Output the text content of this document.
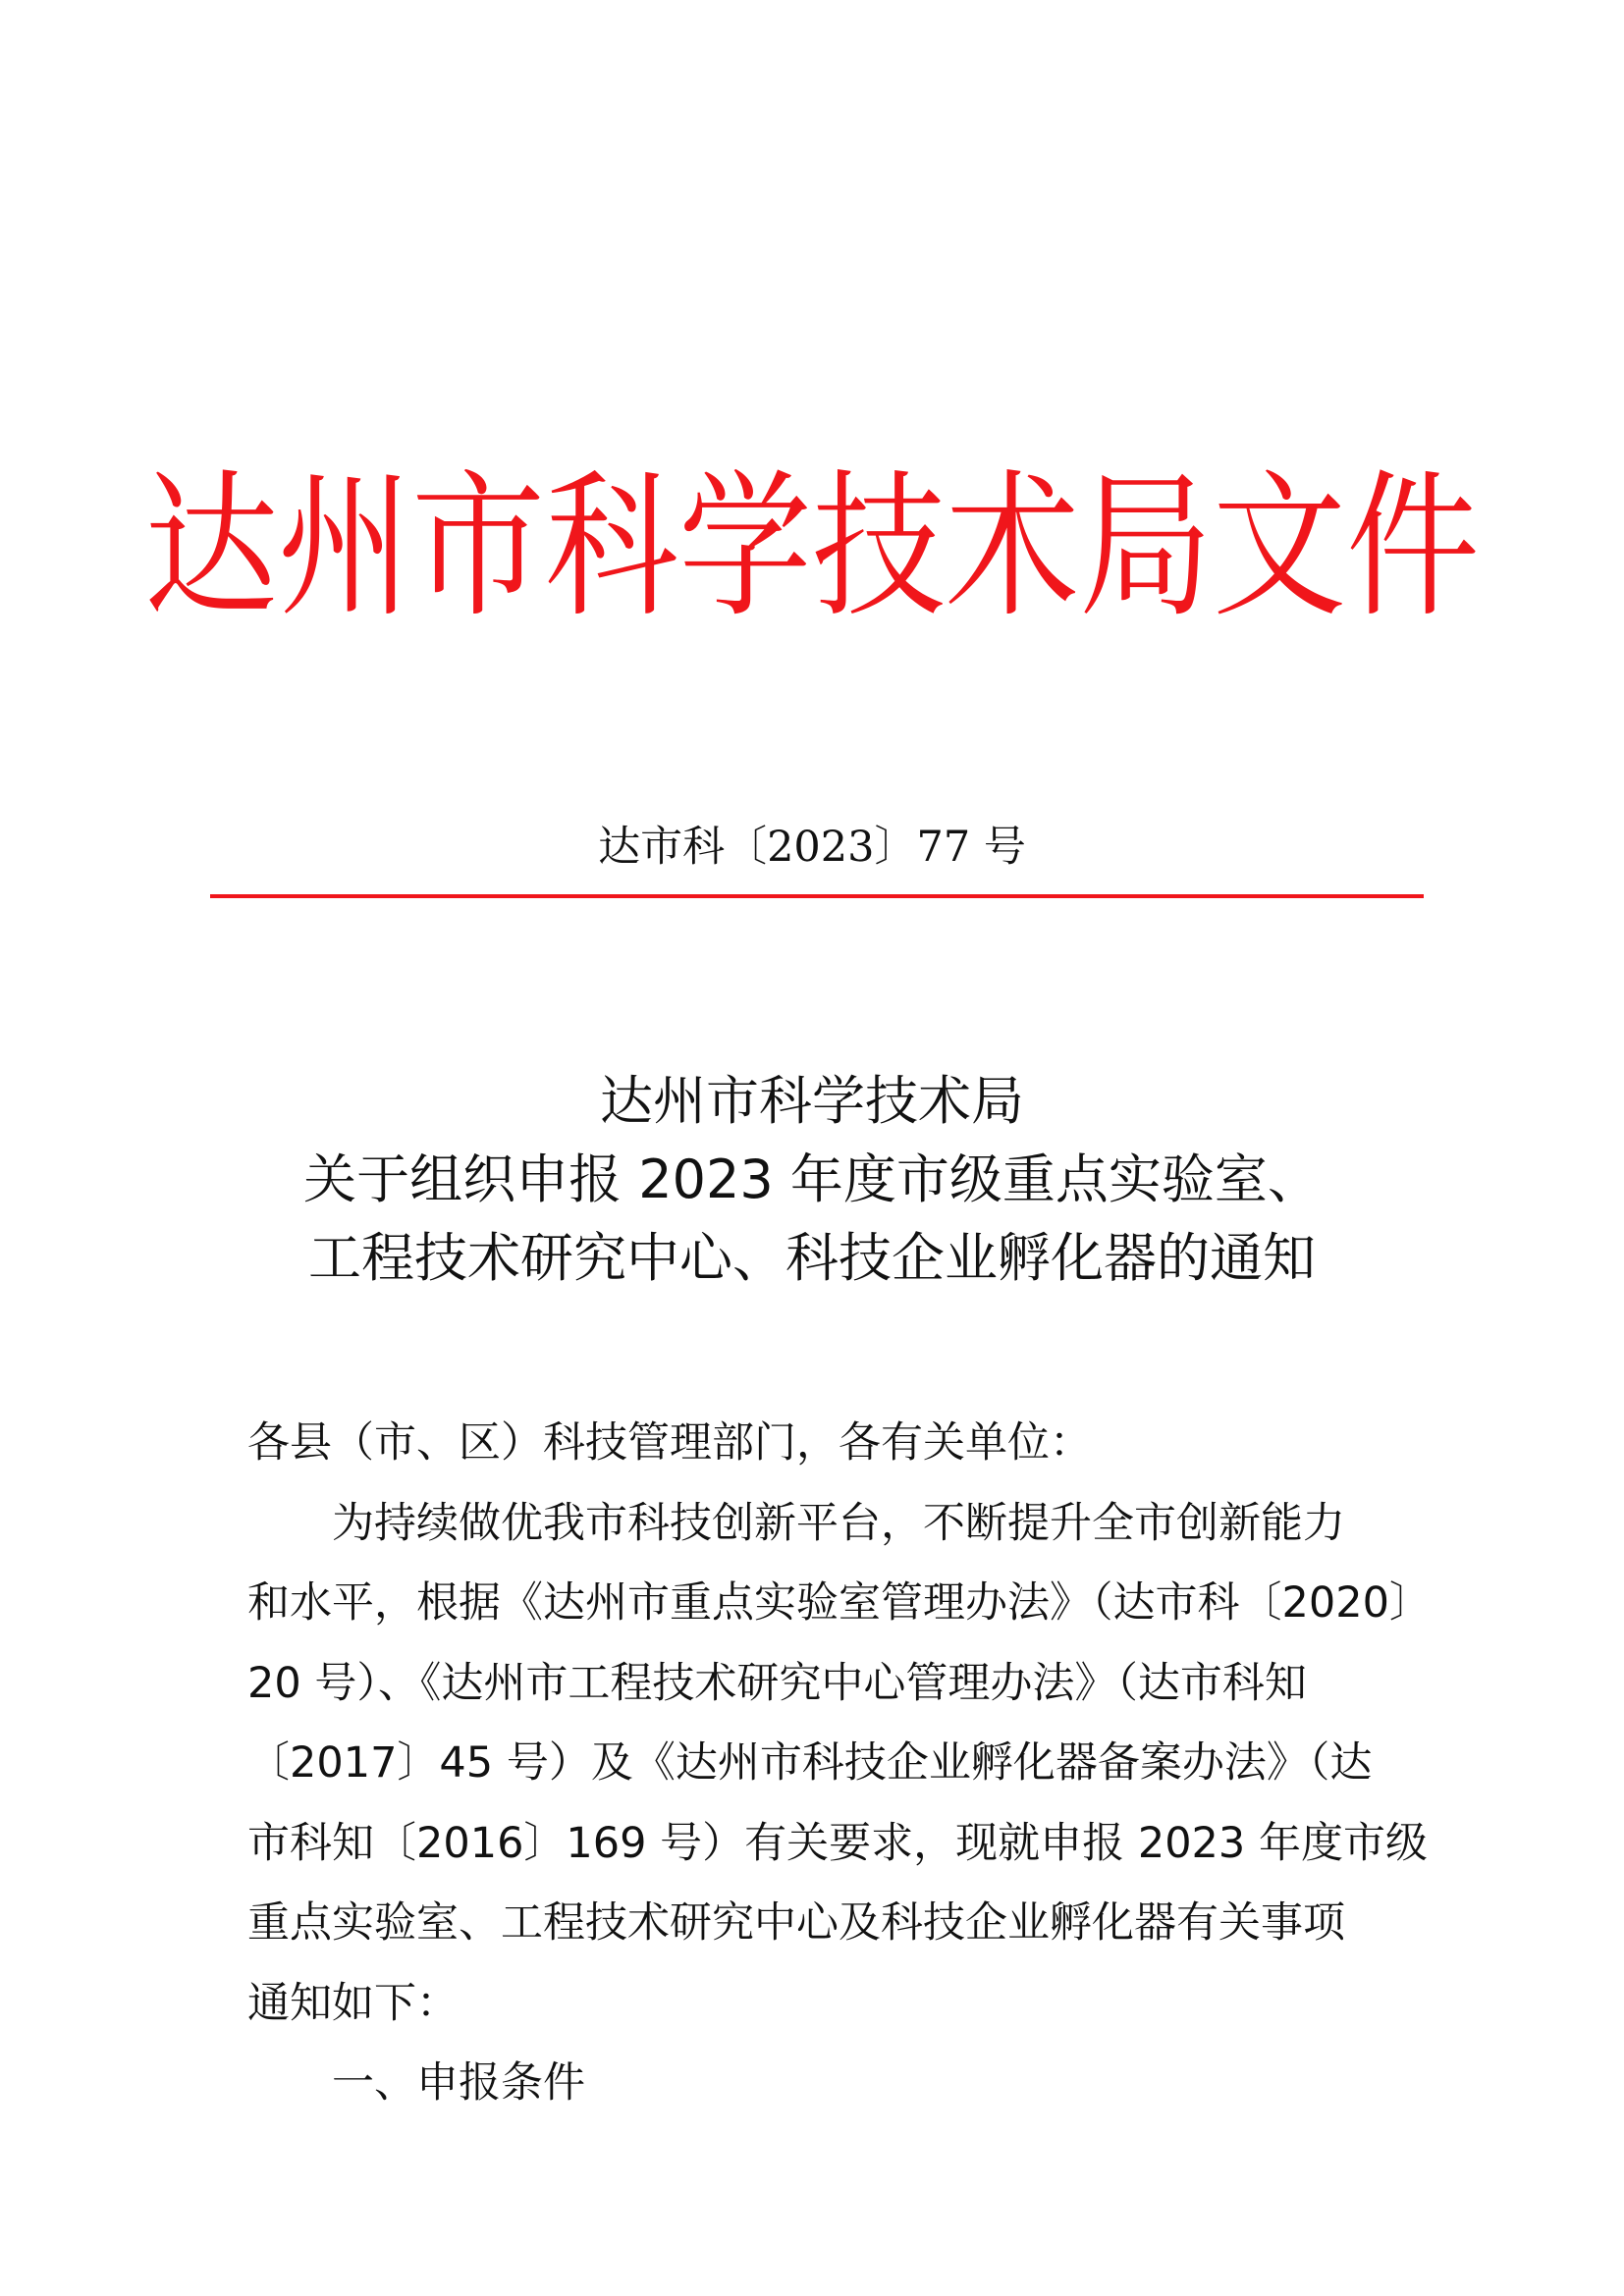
达州市科学技术局文件
达市科〔2023〕77 号
达州市科学技术局
关于组织申报 2023 年度市级重点实验室、
工程技术研究中心、科技企业孵化器的通知
各县（市、区）科技管理部门，各有关单位：
为持续做优我市科技创新平台，不断提升全市创新能力
和水平，根据《达州市重点实验室管理办法》（达市科〔2020〕
20 号）、《达州市工程技术研究中心管理办法》（达市科知
〔2017〕45 号）及《达州市科技企业孵化器备案办法》（达
市科知〔2016〕169 号）有关要求，现就申报 2023 年度市级
重点实验室、工程技术研究中心及科技企业孵化器有关事项
通知如下：
一、申报条件
